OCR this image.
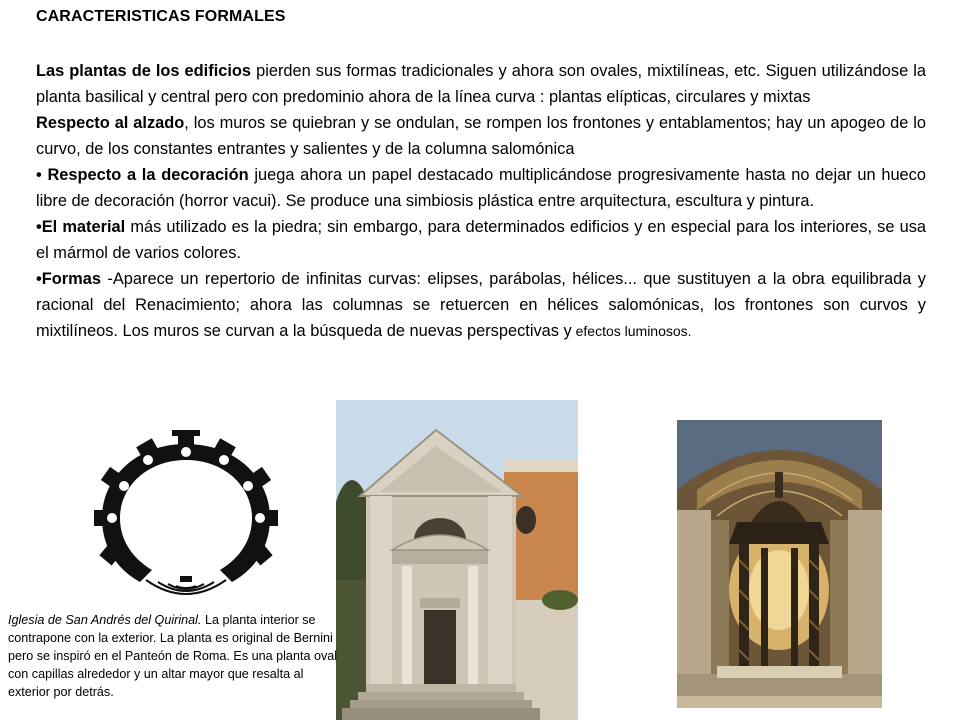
CARACTERISTICAS FORMALES

Las plantas de los edificios pierden sus formas tradicionales y ahora son ovales, mixtilíneas, etc. Siguen utilizándose la planta basilical y central pero con predominio ahora de la línea curva : plantas elípticas, circulares y mixtas

Respecto al alzado, los muros se quiebran y se ondulan, se rompen los frontones y entablamentos; hay un apogeo de lo curvo, de los constantes entrantes y salientes y de la columna salomónica

• Respecto a la decoración juega ahora un papel destacado multiplicándose progresivamente hasta no dejar un hueco libre de decoración (horror vacui). Se produce una simbiosis plástica entre arquitectura, escultura y pintura.

•El material más utilizado es la piedra; sin embargo, para determinados edificios y en especial para los interiores, se usa el mármol de varios colores.

•Formas -Aparece un repertorio de infinitas curvas: elipses, parábolas, hélices... que sustituyen a la obra equilibrada y racional del Renacimiento; ahora las columnas se retuercen en hélices salomónicas, los frontones son curvos y mixtilíneos. Los muros se curvan a la búsqueda de nuevas perspectivas y efectos luminosos.

Iglesia de San Andrés del Quirinal. La planta interior se contrapone con la exterior. La planta es original de Bernini pero se inspiró en el Panteón de Roma. Es una planta oval con capillas alrededor y un altar mayor que resalta al exterior por detrás.
